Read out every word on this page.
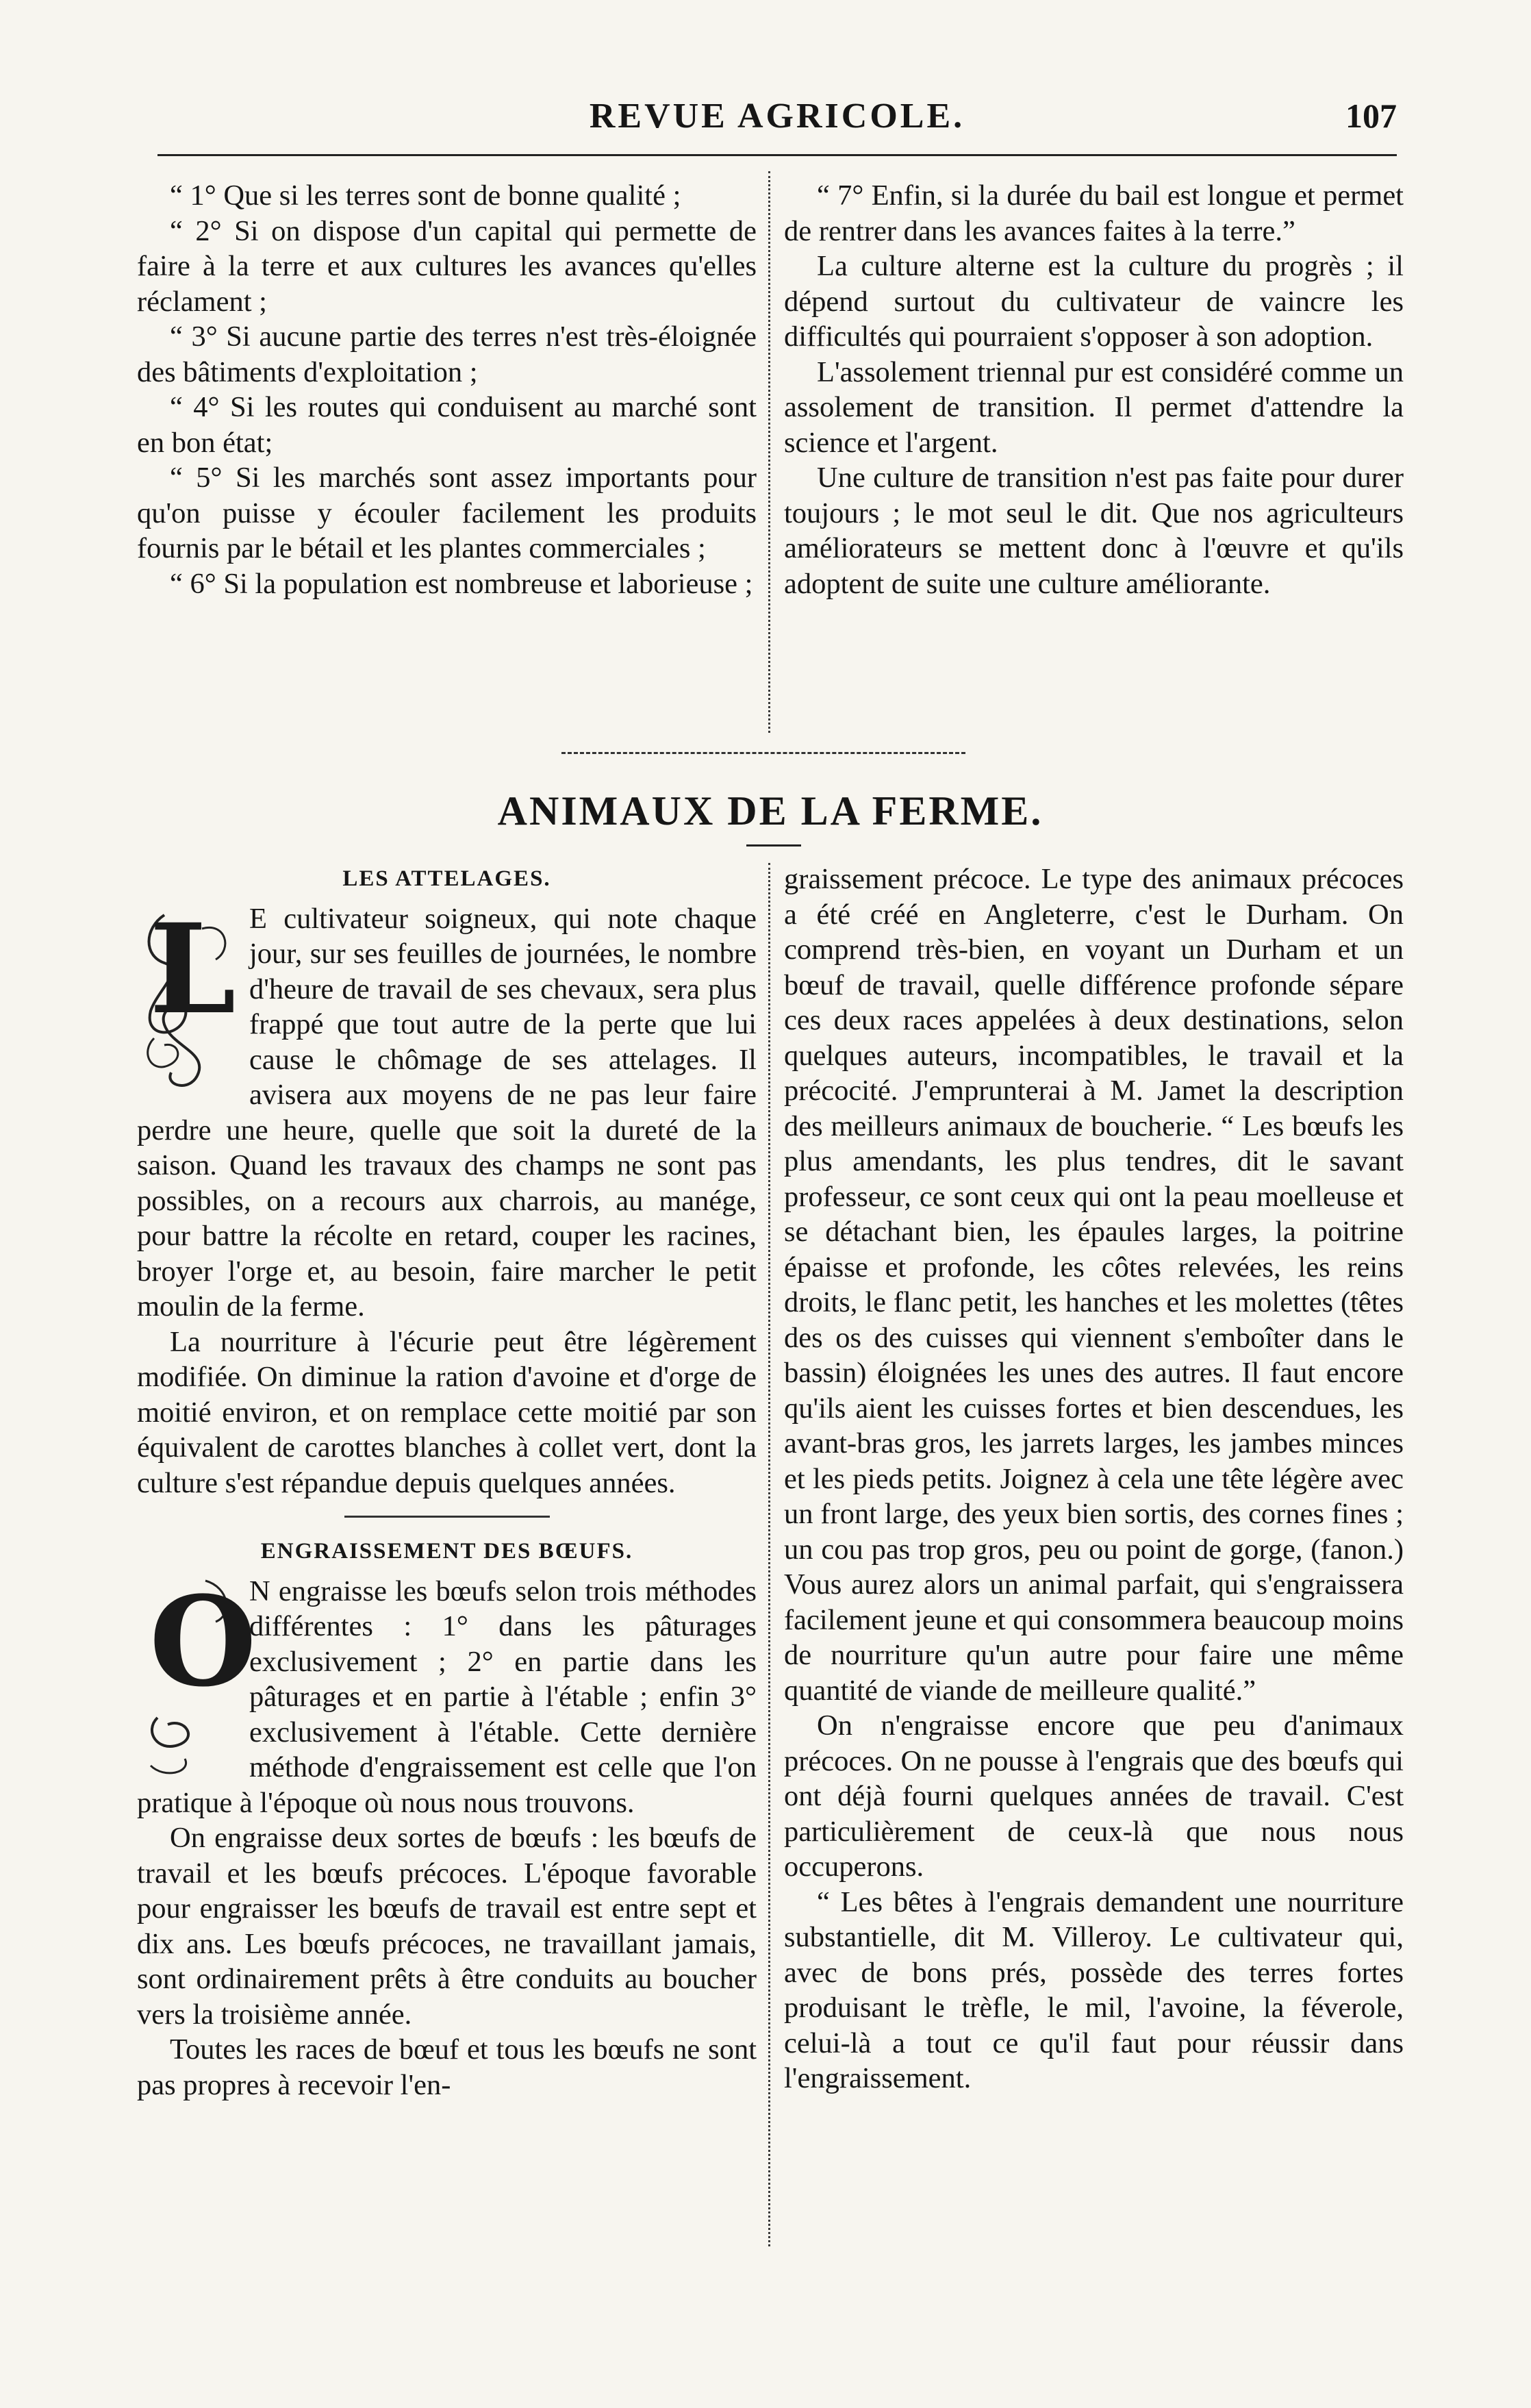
REVUE AGRICOLE.	107

“ 1° Que si les terres sont de bonne qualité ;

“ 2° Si on dispose d'un capital qui permette de faire à la terre et aux cultures les avances qu'elles réclament ;

“ 3° Si aucune partie des terres n'est très-éloignée des bâtiments d'exploitation ;

“ 4° Si les routes qui conduisent au marché sont en bon état;

“ 5° Si les marchés sont assez importants pour qu'on puisse y écouler facilement les produits fournis par le bétail et les plantes commerciales ;

“ 6° Si la population est nombreuse et laborieuse ;

“ 7° Enfin, si la durée du bail est longue et permet de rentrer dans les avances faites à la terre.”

La culture alterne est la culture du progrès ; il dépend surtout du cultivateur de vaincre les difficultés qui pourraient s'opposer à son adoption.

L'assolement triennal pur est considéré comme un assolement de transition. Il permet d'attendre la science et l'argent.

Une culture de transition n'est pas faite pour durer toujours ; le mot seul le dit. Que nos agriculteurs améliorateurs se mettent donc à l'œuvre et qu'ils adoptent de suite une culture améliorante.

ANIMAUX DE LA FERME.
LES ATTELAGES.
L E cultivateur soigneux, qui note chaque jour, sur ses feuilles de journées, le nombre d'heure de travail de ses chevaux, sera plus frappé que tout autre de la perte que lui cause le chômage de ses attelages. Il avisera aux moyens de ne pas leur faire perdre une heure, quelle que soit la dureté de la saison. Quand les travaux des champs ne sont pas possibles, on a recours aux charrois, au manége, pour battre la récolte en retard, couper les racines, broyer l'orge et, au besoin, faire marcher le petit moulin de la ferme.

La nourriture à l'écurie peut être légèrement modifiée. On diminue la ration d'avoine et d'orge de moitié environ, et on remplace cette moitié par son équivalent de carottes blanches à collet vert, dont la culture s'est répandue depuis quelques années.

ENGRAISSEMENT DES BŒUFS.
O

N engraisse les bœufs selon trois méthodes différentes : 1° dans les pâturages exclusivement ; 2° en partie dans les pâturages et en partie à l'étable ; enfin 3° exclusivement à l'étable. Cette dernière méthode d'engraissement est celle que l'on pratique à l'époque où nous nous trouvons.

On engraisse deux sortes de bœufs : les bœufs de travail et les bœufs précoces. L'époque favorable pour engraisser les bœufs de travail est entre sept et dix ans. Les bœufs précoces, ne travaillant jamais, sont ordinairement prêts à être conduits au boucher vers la troisième année.

Toutes les races de bœuf et tous les bœufs ne sont pas propres à recevoir l'en-

graissement précoce. Le type des animaux précoces a été créé en Angleterre, c'est le Durham. On comprend très-bien, en voyant un Durham et un bœuf de travail, quelle différence profonde sépare ces deux races appelées à deux destinations, selon quelques auteurs, incompatibles, le travail et la précocité. J'emprunterai à M. Jamet la description des meilleurs animaux de boucherie. “ Les bœufs les plus amendants, les plus tendres, dit le savant professeur, ce sont ceux qui ont la peau moelleuse et se détachant bien, les épaules larges, la poitrine épaisse et profonde, les côtes relevées, les reins droits, le flanc petit, les hanches et les molettes (têtes des os des cuisses qui viennent s'emboîter dans le bassin) éloignées les unes des autres. Il faut encore qu'ils aient les cuisses fortes et bien descendues, les avant-bras gros, les jarrets larges, les jambes minces et les pieds petits. Joignez à cela une tête légère avec un front large, des yeux bien sortis, des cornes fines ; un cou pas trop gros, peu ou point de gorge, (fanon.) Vous aurez alors un animal parfait, qui s'engraissera facilement jeune et qui consommera beaucoup moins de nourriture qu'un autre pour faire une même quantité de viande de meilleure qualité.”

On n'engraisse encore que peu d'animaux précoces. On ne pousse à l'engrais que des bœufs qui ont déjà fourni quelques années de travail. C'est particulièrement de ceux-là que nous nous occuperons.

“ Les bêtes à l'engrais demandent une nourriture substantielle, dit M. Villeroy. Le cultivateur qui, avec de bons prés, possède des terres fortes produisant le trèfle, le mil, l'avoine, la féverole, celui-là a tout ce qu'il faut pour réussir dans l'engraissement.
